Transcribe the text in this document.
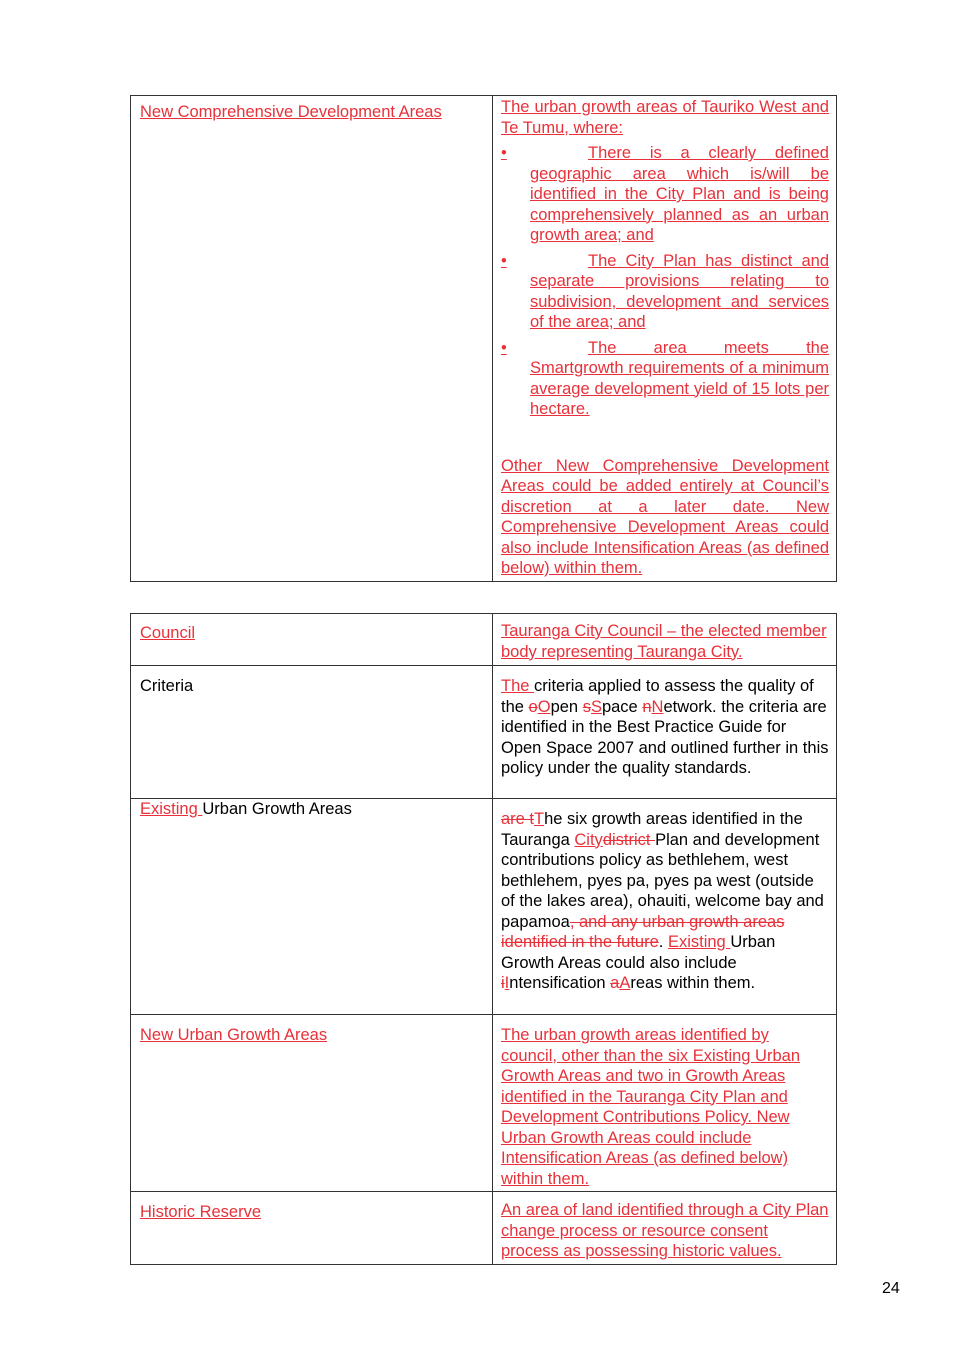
New Comprehensive Development Areas	The urban growth areas of Tauriko West and Te Tumu, where:
•	There is a clearly defined geographic area which is/will be identified in the City Plan and is being comprehensively planned as an urban growth area; and
•	The City Plan has distinct and separate provisions relating to subdivision, development and services of the area; and
•	The area meets the Smartgrowth requirements of a minimum average development yield of 15 lots per hectare.
Other New Comprehensive Development Areas could be added entirely at Council’s discretion at a later date. New Comprehensive Development Areas could also include Intensification Areas (as defined below) within them.
Council	Tauranga City Council – the elected member body representing Tauranga City.
Criteria	The criteria applied to assess the quality of the oOpen sSpace nNetwork. the criteria are identified in the Best Practice Guide for Open Space 2007 and outlined further in this policy under the quality standards.
Existing Urban Growth Areas	are tThe six growth areas identified in the Tauranga Citydistrict Plan and development contributions policy as bethlehem, west bethlehem, pyes pa, pyes pa west (outside of the lakes area), ohauiti, welcome bay and papamoa, and any urban growth areas identified in the future. Existing Urban Growth Areas could also include iIntensification aAreas within them.
New Urban Growth Areas	The urban growth areas identified by council, other than the six Existing Urban Growth Areas and two in Growth Areas identified in the Tauranga City Plan and Development Contributions Policy. New Urban Growth Areas could include Intensification Areas (as defined below) within them.
Historic Reserve	An area of land identified through a City Plan change process or resource consent process as possessing historic values.
24
